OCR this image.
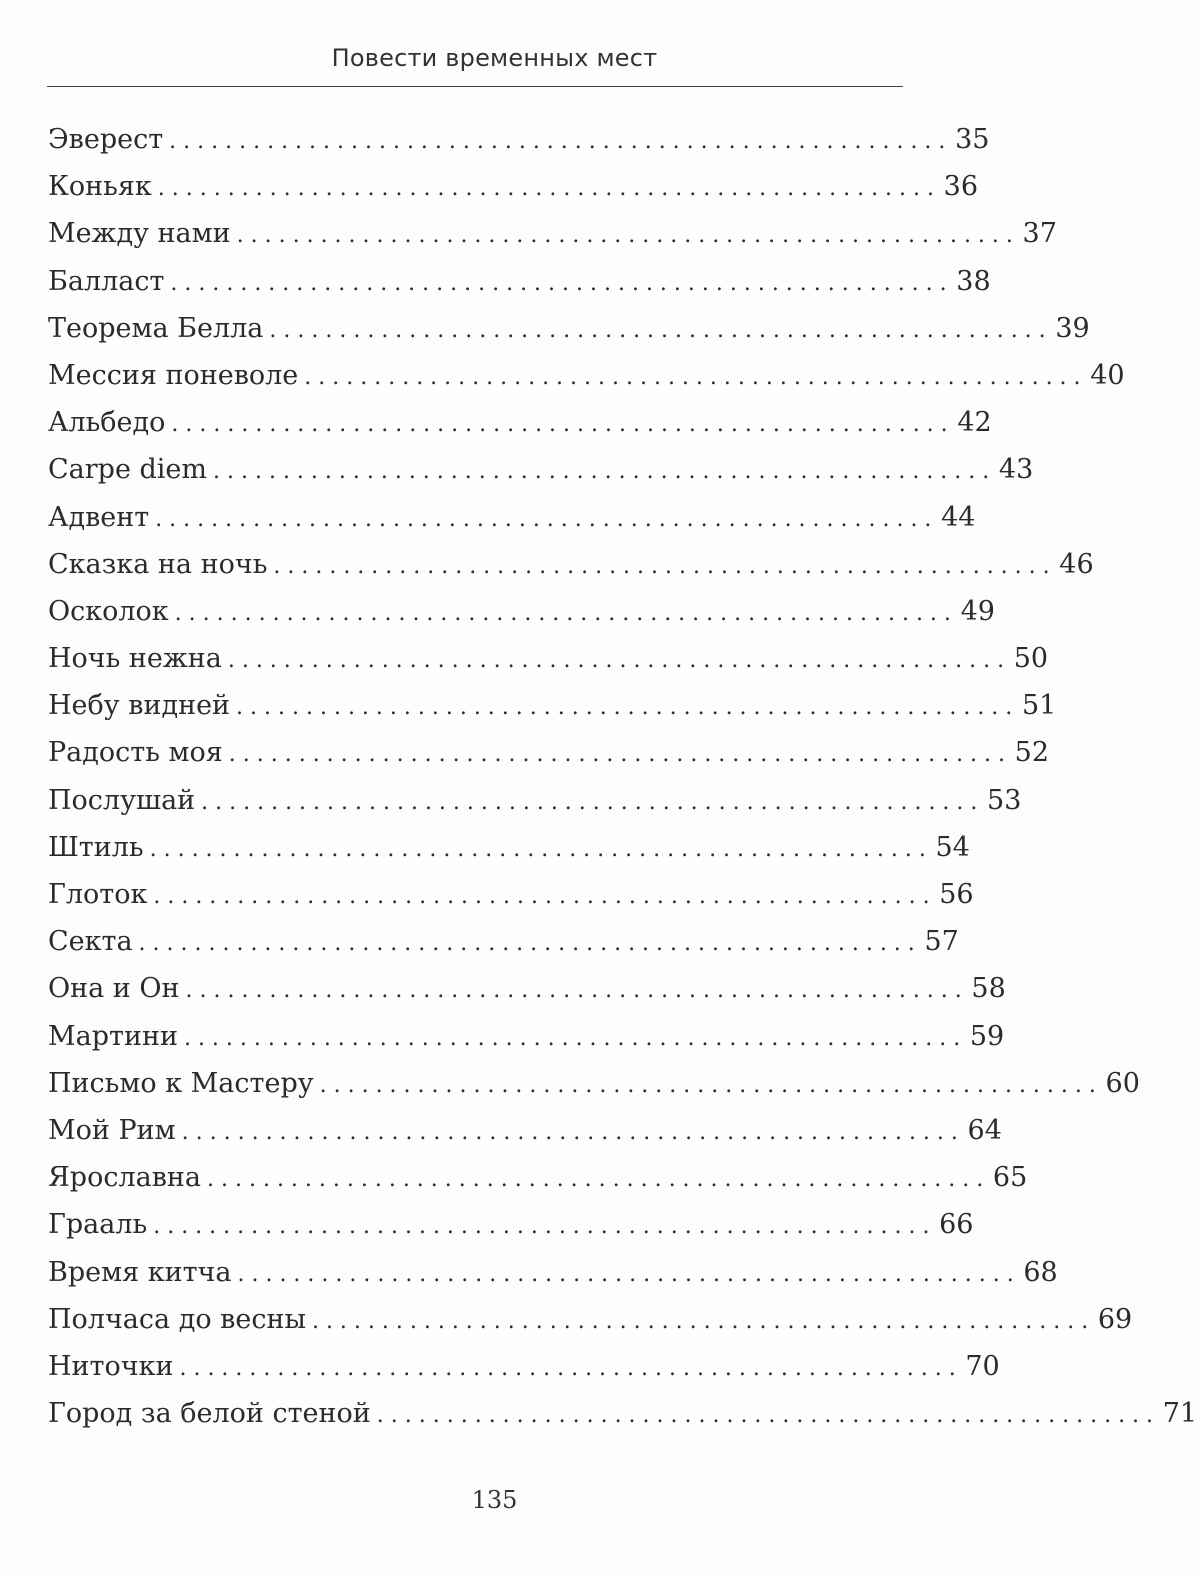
Повести временных мест
Эверест . . . . . . . . . . . . . . . . . . . . . . . . . . . . . . . . . . . . . . . . . . . . . . . . . . . . . . . . 35
Коньяк . . . . . . . . . . . . . . . . . . . . . . . . . . . . . . . . . . . . . . . . . . . . . . . . . . . . . . . . 36
Между нами . . . . . . . . . . . . . . . . . . . . . . . . . . . . . . . . . . . . . . . . . . . . . . . . . . . . . . . . 37
Балласт . . . . . . . . . . . . . . . . . . . . . . . . . . . . . . . . . . . . . . . . . . . . . . . . . . . . . . . . 38
Теорема Белла . . . . . . . . . . . . . . . . . . . . . . . . . . . . . . . . . . . . . . . . . . . . . . . . . . . . . . . . 39
Мессия поневоле . . . . . . . . . . . . . . . . . . . . . . . . . . . . . . . . . . . . . . . . . . . . . . . . . . . . . . . . 40
Альбедо . . . . . . . . . . . . . . . . . . . . . . . . . . . . . . . . . . . . . . . . . . . . . . . . . . . . . . . . 42
Carpe diem . . . . . . . . . . . . . . . . . . . . . . . . . . . . . . . . . . . . . . . . . . . . . . . . . . . . . . . . 43
Адвент . . . . . . . . . . . . . . . . . . . . . . . . . . . . . . . . . . . . . . . . . . . . . . . . . . . . . . . . 44
Сказка на ночь . . . . . . . . . . . . . . . . . . . . . . . . . . . . . . . . . . . . . . . . . . . . . . . . . . . . . . . . 46
Осколок . . . . . . . . . . . . . . . . . . . . . . . . . . . . . . . . . . . . . . . . . . . . . . . . . . . . . . . . 49
Ночь нежна . . . . . . . . . . . . . . . . . . . . . . . . . . . . . . . . . . . . . . . . . . . . . . . . . . . . . . . . 50
Небу видней . . . . . . . . . . . . . . . . . . . . . . . . . . . . . . . . . . . . . . . . . . . . . . . . . . . . . . . . 51
Радость моя . . . . . . . . . . . . . . . . . . . . . . . . . . . . . . . . . . . . . . . . . . . . . . . . . . . . . . . . 52
Послушай . . . . . . . . . . . . . . . . . . . . . . . . . . . . . . . . . . . . . . . . . . . . . . . . . . . . . . . . 53
Штиль . . . . . . . . . . . . . . . . . . . . . . . . . . . . . . . . . . . . . . . . . . . . . . . . . . . . . . . . 54
Глоток . . . . . . . . . . . . . . . . . . . . . . . . . . . . . . . . . . . . . . . . . . . . . . . . . . . . . . . . 56
Секта . . . . . . . . . . . . . . . . . . . . . . . . . . . . . . . . . . . . . . . . . . . . . . . . . . . . . . . . 57
Она и Он . . . . . . . . . . . . . . . . . . . . . . . . . . . . . . . . . . . . . . . . . . . . . . . . . . . . . . . . 58
Мартини . . . . . . . . . . . . . . . . . . . . . . . . . . . . . . . . . . . . . . . . . . . . . . . . . . . . . . . . 59
Письмо к Мастеру . . . . . . . . . . . . . . . . . . . . . . . . . . . . . . . . . . . . . . . . . . . . . . . . . . . . . . . . 60
Мой Рим . . . . . . . . . . . . . . . . . . . . . . . . . . . . . . . . . . . . . . . . . . . . . . . . . . . . . . . . 64
Ярославна . . . . . . . . . . . . . . . . . . . . . . . . . . . . . . . . . . . . . . . . . . . . . . . . . . . . . . . . 65
Грааль . . . . . . . . . . . . . . . . . . . . . . . . . . . . . . . . . . . . . . . . . . . . . . . . . . . . . . . . 66
Время китча . . . . . . . . . . . . . . . . . . . . . . . . . . . . . . . . . . . . . . . . . . . . . . . . . . . . . . . . 68
Полчаса до весны . . . . . . . . . . . . . . . . . . . . . . . . . . . . . . . . . . . . . . . . . . . . . . . . . . . . . . . . 69
Ниточки . . . . . . . . . . . . . . . . . . . . . . . . . . . . . . . . . . . . . . . . . . . . . . . . . . . . . . . . 70
Город за белой стеной . . . . . . . . . . . . . . . . . . . . . . . . . . . . . . . . . . . . . . . . . . . . . . . . . . . . . . . . 71
135
